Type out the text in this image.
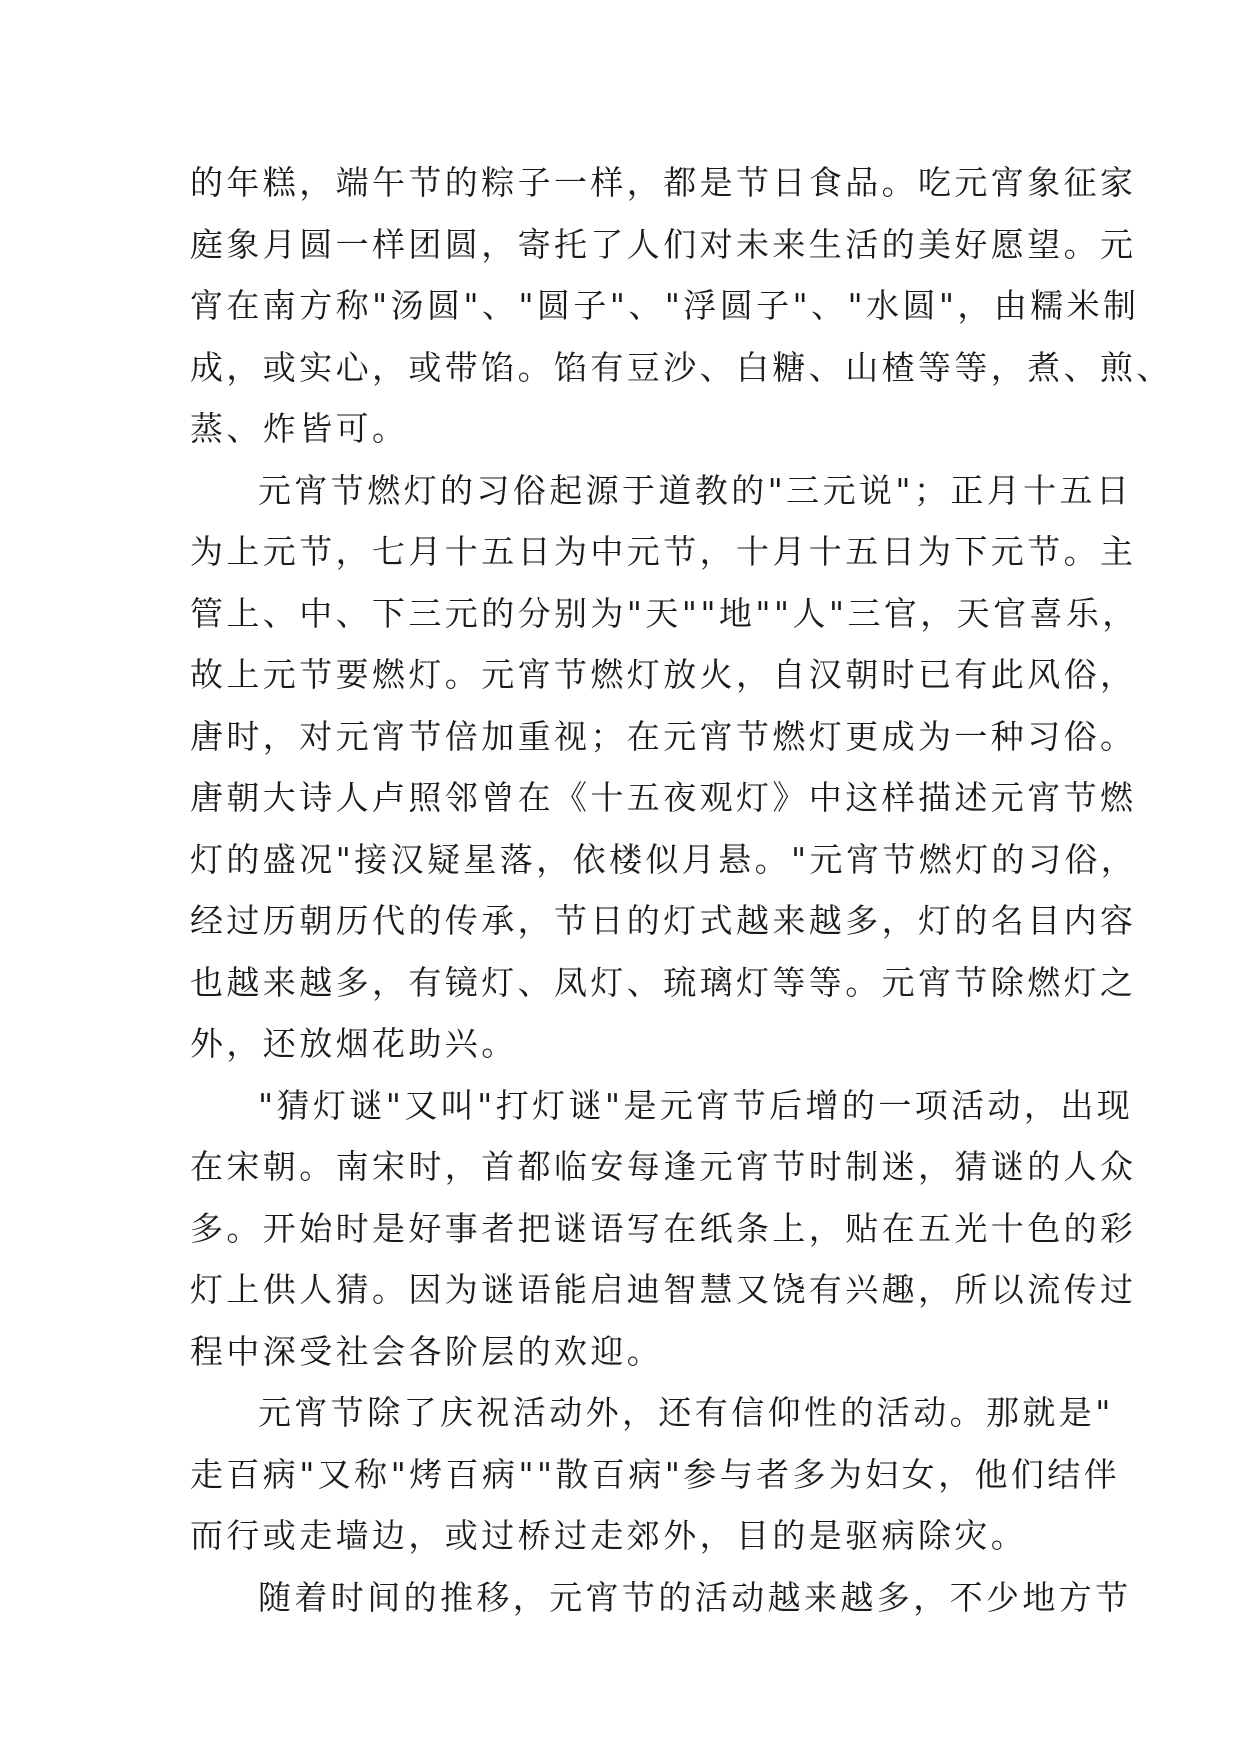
的年糕，端午节的粽子一样，都是节日食品。吃元宵象征家
庭象月圆一样团圆，寄托了人们对未来生活的美好愿望。元
宵在南方称"汤圆"、"圆子"、"浮圆子"、"水圆"，由糯米制
成，或实心，或带馅。馅有豆沙、白糖、山楂等等，煮、煎、
蒸、炸皆可。
元宵节燃灯的习俗起源于道教的"三元说"；正月十五日
为上元节，七月十五日为中元节，十月十五日为下元节。主
管上、中、下三元的分别为"天""地""人"三官，天官喜乐，
故上元节要燃灯。元宵节燃灯放火，自汉朝时已有此风俗，
唐时，对元宵节倍加重视；在元宵节燃灯更成为一种习俗。
唐朝大诗人卢照邻曾在《十五夜观灯》中这样描述元宵节燃
灯的盛况"接汉疑星落，依楼似月悬。"元宵节燃灯的习俗，
经过历朝历代的传承，节日的灯式越来越多，灯的名目内容
也越来越多，有镜灯、凤灯、琉璃灯等等。元宵节除燃灯之
外，还放烟花助兴。
"猜灯谜"又叫"打灯谜"是元宵节后增的一项活动，出现
在宋朝。南宋时，首都临安每逢元宵节时制迷，猜谜的人众
多。开始时是好事者把谜语写在纸条上，贴在五光十色的彩
灯上供人猜。因为谜语能启迪智慧又饶有兴趣，所以流传过
程中深受社会各阶层的欢迎。
元宵节除了庆祝活动外，还有信仰性的活动。那就是"
走百病"又称"烤百病""散百病"参与者多为妇女，他们结伴
而行或走墙边，或过桥过走郊外，目的是驱病除灾。
随着时间的推移，元宵节的活动越来越多，不少地方节
